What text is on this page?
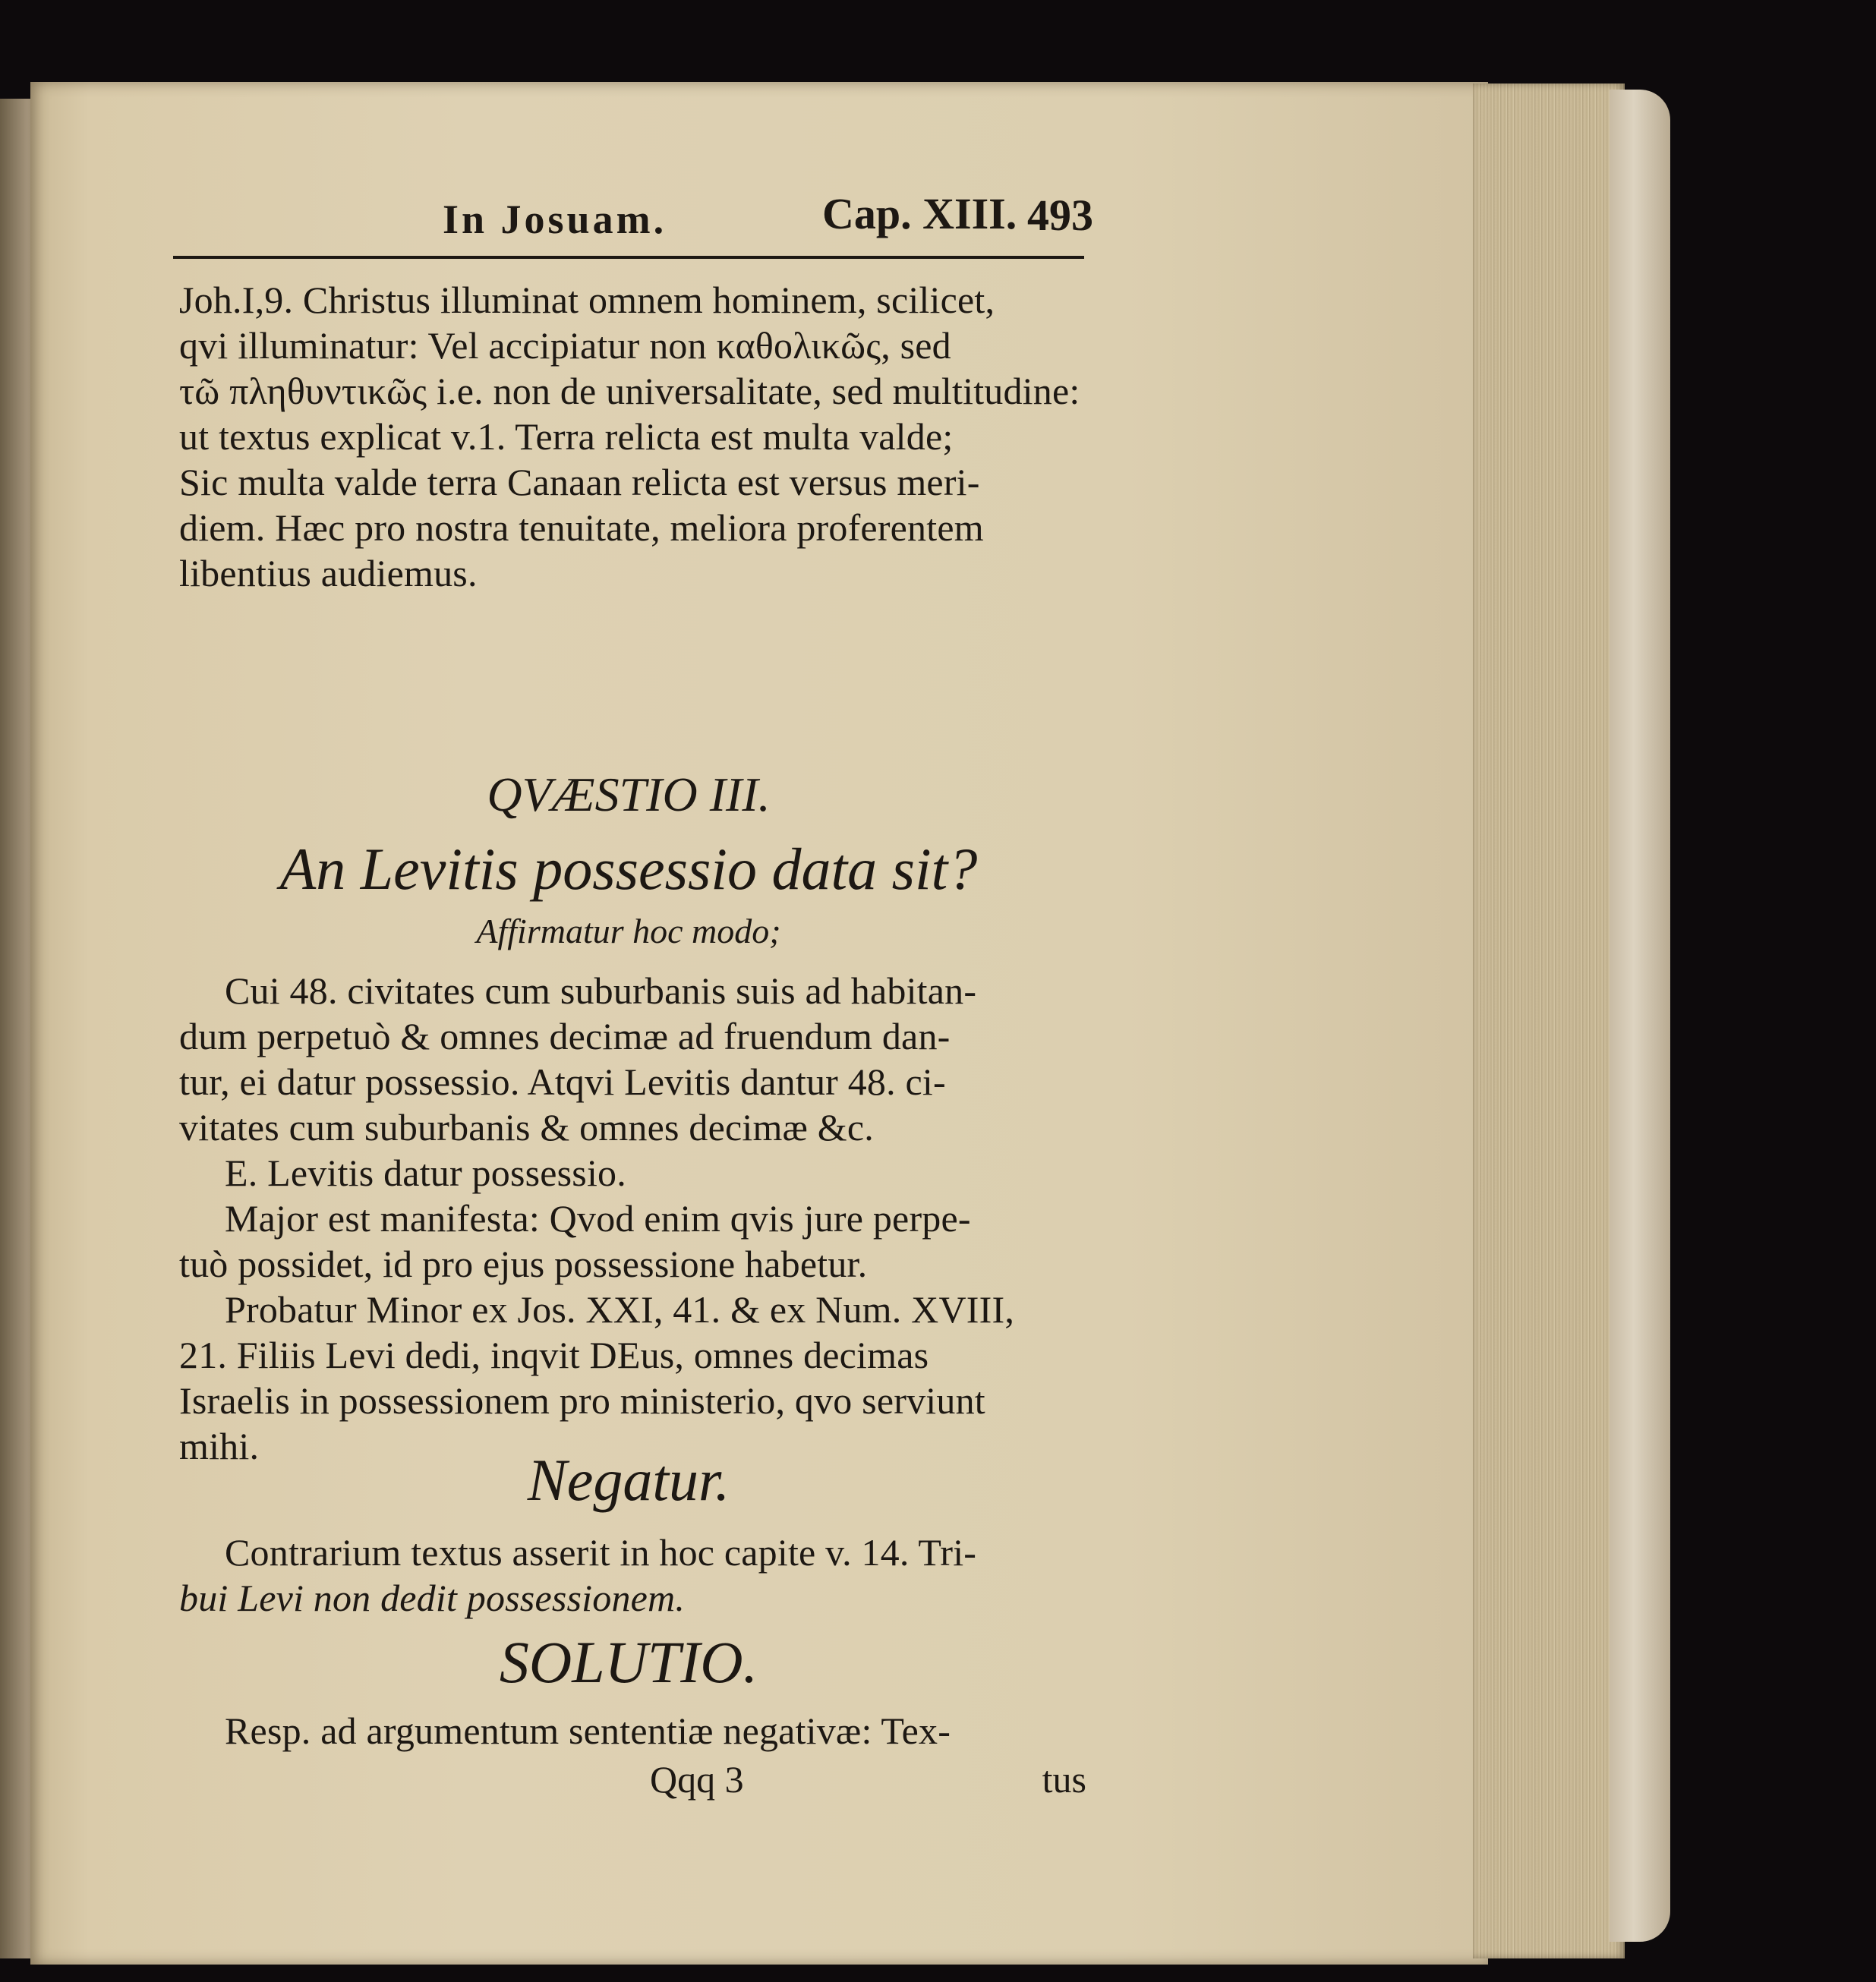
In Josuam.	Cap. XIII. 493
Joh.I,9. Christus illuminat omnem hominem, scilicet,
qvi illuminatur: Vel accipiatur non καθολικῶς, sed
τῶ πληθυντικῶς i.e. non de universalitate, sed multitudine:
ut textus explicat v.1. Terra relicta est multa valde;
Sic multa valde terra Canaan relicta est versus meri-
diem. Hæc pro nostra tenuitate, meliora proferentem
libentius audiemus.
QVÆSTIO III.
An Levitis possessio data sit?
Affirmatur hoc modo;
Cui 48. civitates cum suburbanis suis ad habitan-
dum perpetuò & omnes decimæ ad fruendum dan-
tur, ei datur possessio. Atqvi Levitis dantur 48. ci-
vitates cum suburbanis & omnes decimæ &c.
E. Levitis datur possessio.
Major est manifesta: Qvod enim qvis jure perpe-
tuò possidet, id pro ejus possessione habetur.
Probatur Minor ex Jos. XXI, 41. & ex Num. XVIII,
21. Filiis Levi dedi, inqvit DEus, omnes decimas
Israelis in possessionem pro ministerio, qvo serviunt
mihi.
Negatur.
Contrarium textus asserit in hoc capite v. 14. Tri-
bui Levi non dedit possessionem.
SOLUTIO.
Resp. ad argumentum sententiæ negativæ: Tex-
Qqq 3	tus
